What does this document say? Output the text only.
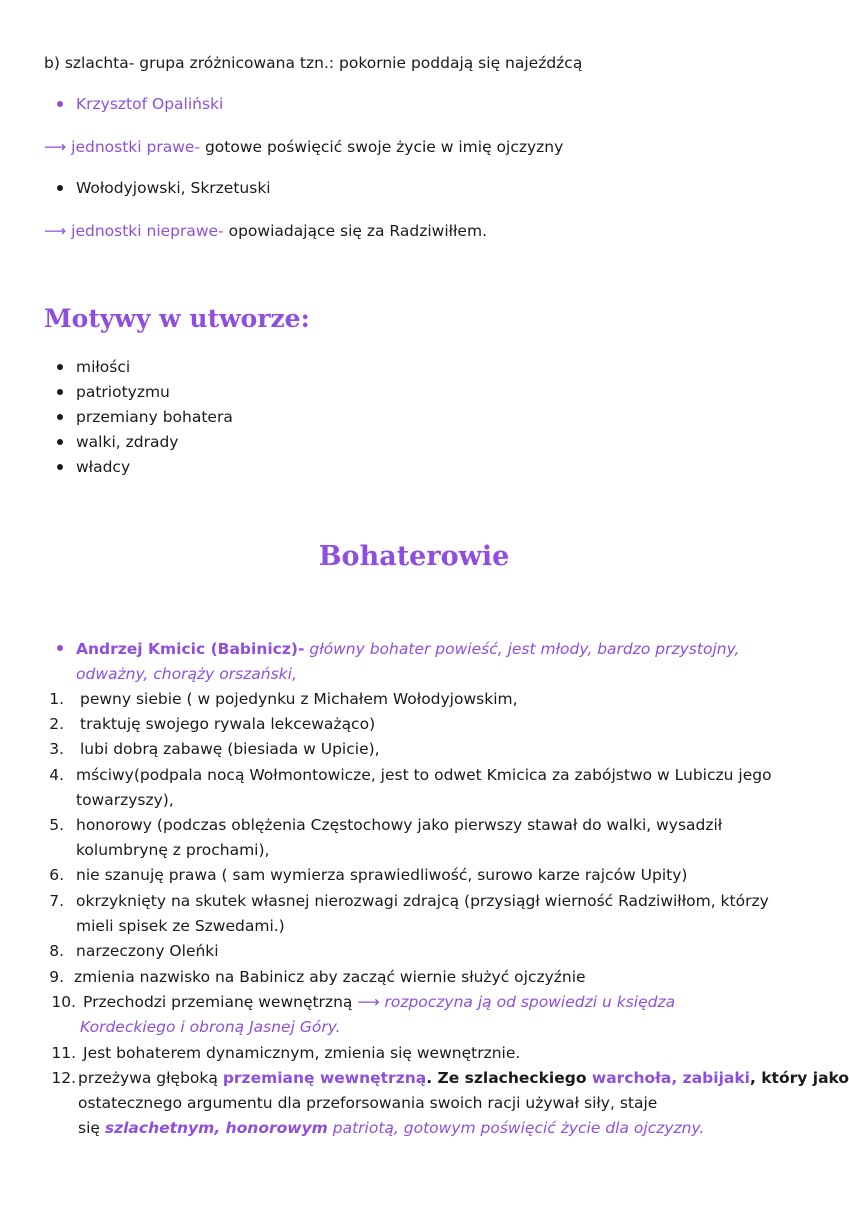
b) szlachta- grupa zróżnicowana tzn.: pokornie poddają się najeźdźcą
Krzysztof Opaliński
⟶ jednostki prawe- gotowe poświęcić swoje życie w imię ojczyzny
Wołodyjowski, Skrzetuski
⟶ jednostki nieprawe- opowiadające się za Radziwiłłem.
Motywy w utworze:
miłości
patriotyzmu
przemiany bohatera
walki, zdrady
władcy
Bohaterowie
Andrzej Kmicic (Babinicz)- główny bohater powieść, jest młody, bardzo przystojny,
odważny, chorąży orszański,
1. pewny siebie ( w pojedynku z Michałem Wołodyjowskim,
2. traktuję swojego rywala lekceważąco)
3. lubi dobrą zabawę (biesiada w Upicie),
4. mściwy(podpala nocą Wołmontowicze, jest to odwet Kmicica za zabójstwo w Lubiczu jego
towarzyszy),
5. honorowy (podczas oblężenia Częstochowy jako pierwszy stawał do walki, wysadził
kolumbrynę z prochami),
6. nie szanuję prawa ( sam wymierza sprawiedliwość, surowo karze rajców Upity)
7. okrzyknięty na skutek własnej nierozwagi zdrajcą (przysiągł wierność Radziwiłłom, którzy
mieli spisek ze Szwedami.)
8. narzeczony Oleńki
9. zmienia nazwisko na Babinicz aby zacząć wiernie służyć ojczyźnie
10. Przechodzi przemianę wewnętrzną ⟶ rozpoczyna ją od spowiedzi u księdza
Kordeckiego i obroną Jasnej Góry.
11. Jest bohaterem dynamicznym, zmienia się wewnętrznie.
12. przeżywa głęboką przemianę wewnętrzną. Ze szlacheckiego warchoła, zabijaki, który jako
ostatecznego argumentu dla przeforsowania swoich racji używał siły, staje
się szlachetnym, honorowym patriotą, gotowym poświęcić życie dla ojczyzny.
